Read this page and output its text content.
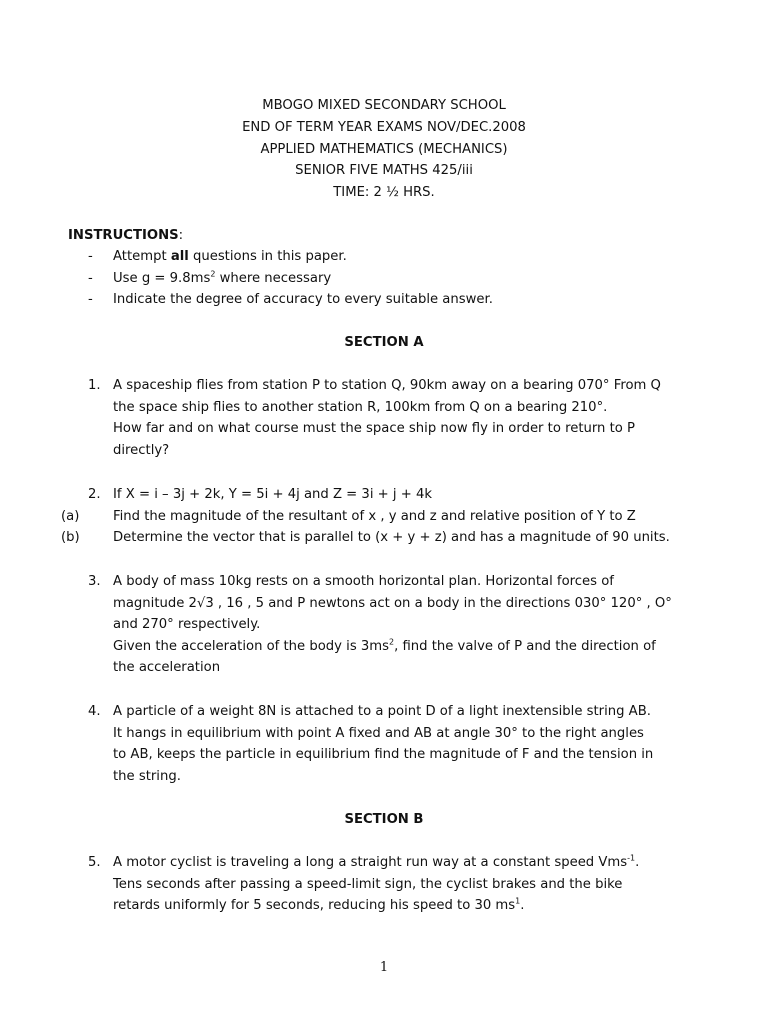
MBOGO MIXED SECONDARY SCHOOL
END OF TERM YEAR EXAMS NOV/DEC.2008
APPLIED MATHEMATICS (MECHANICS)
SENIOR FIVE MATHS 425/iii
TIME: 2 ½ HRS.
INSTRUCTIONS:
- Attempt all questions in this paper.
- Use $g = 9.8ms^2$ where necessary
- Indicate the degree of accuracy to every suitable answer.
SECTION A
1. A spaceship flies from station P to station Q, 90km away on a bearing 070° From Q
the space ship flies to another station R, 100km from Q on a bearing 210°.
How far and on what course must the space ship now fly in order to return to P
directly?
2. If X = i – 3j + 2k, Y = 5i + 4j and Z = 3i + j + 4k
(a)	Find the magnitude of the resultant of x , y and z and relative position of Y to Z
(b)	Determine the vector that is parallel to (x + y + z) and has a magnitude of 90 units.
3. A body of mass 10kg rests on a smooth horizontal plan. Horizontal forces of
magnitude 2√3 , 16 , 5 and P newtons act on a body in the directions 030° 120° , O°
and 270° respectively.
Given the acceleration of the body is $3ms^2$, find the valve of P and the direction of
the acceleration
4. A particle of a weight 8N is attached to a point D of a light inextensible string AB.
It hangs in equilibrium with point A fixed and AB at angle 30° to the right angles
to AB, keeps the particle in equilibrium find the magnitude of F and the tension in
the string.
SECTION B
5. A motor cyclist is traveling a long a straight run way at a constant speed Vms$^{-1}$.
Tens seconds after passing a speed-limit sign, the cyclist brakes and the bike
retards uniformly for 5 seconds, reducing his speed to 30 $ms^1$.
1
